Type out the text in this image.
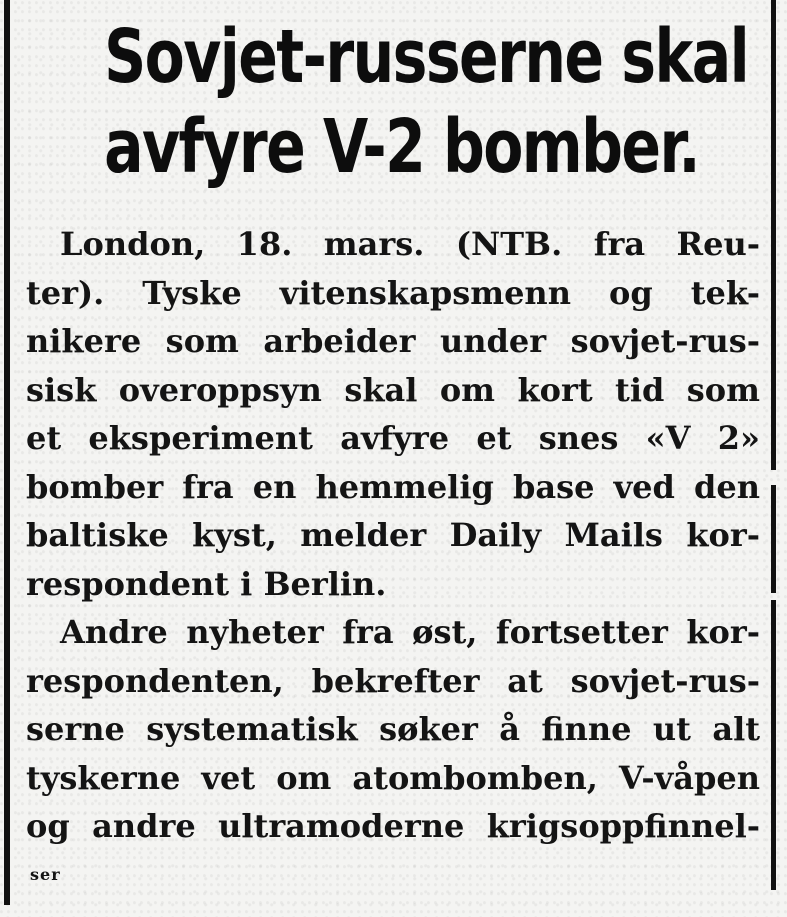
Sovjet-russerne skal
avfyre V-2 bomber.
London, 18. mars. (NTB. fra Reu-
ter). Tyske vitenskapsmenn og tek-
nikere som arbeider under sovjet-rus-
sisk overoppsyn skal om kort tid som
et eksperiment avfyre et snes «V 2»
bomber fra en hemmelig base ved den
baltiske kyst, melder Daily Mails kor-
respondent i Berlin.
Andre nyheter fra øst, fortsetter kor-
respondenten, bekrefter at sovjet-rus-
serne systematisk søker å finne ut alt
tyskerne vet om atombomben, V-våpen
og andre ultramoderne krigsoppfinnel-
ser
